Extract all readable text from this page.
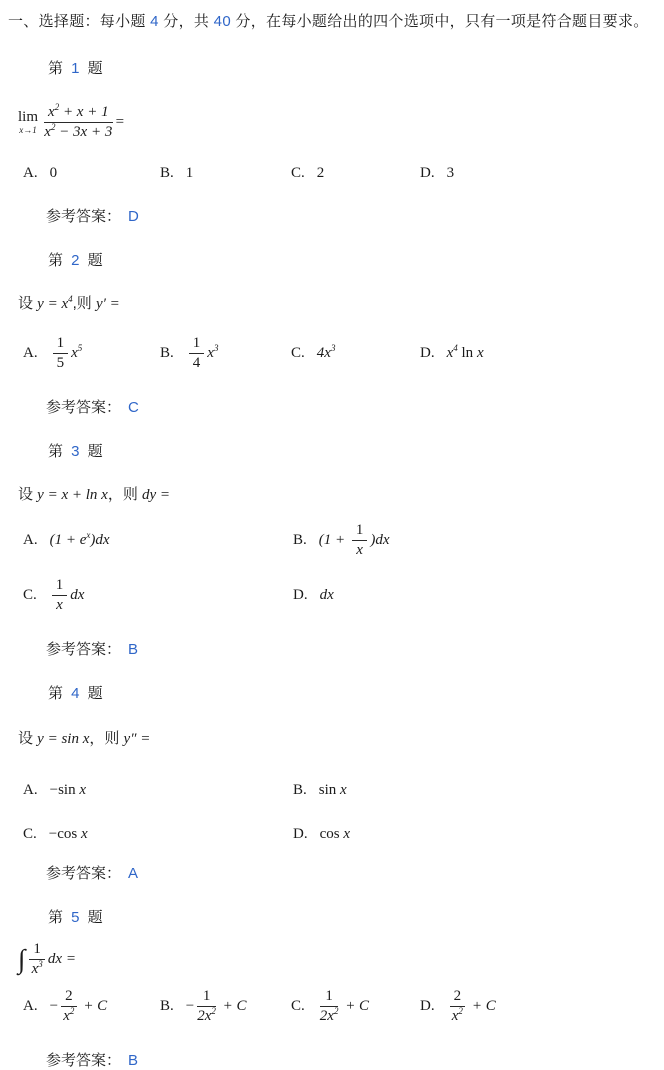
一、选择题：每小题 4 分，共 40 分，在每小题给出的四个选项中，只有一项是符合题目要求。

第 1 题

lim
$x\to 1 \frac{x^2 + x + 1}{x^2 - 3x + 3}$ =
A. 0	B. 1	C. 2	D. 3

参考答案： D

第 2 题

设 $y = x^4$,则 y′ =
A. $\frac{1}{5} x^5$	B. $\frac{1}{4} x^3$	C. $4x^3$	D. $x^4$ ln x

参考答案： C

第 3 题

设 y = x + ln x，则 dy =
A. $(1 + e^x)dx$	B. $(1 + \frac{1}{x} )dx$
C. $\frac{1}{x}$ dx	D. dx

参考答案： B

第 4 题

设 y = sin x，则 y″ =
A. −sin x	B. sin x
C. −cos x	D. cos x

参考答案： A

第 5 题

∫ $\frac{1}{x^3}$ dx =
A. − $\frac{2}{x^2} + C$	B. − $\frac{1}{2x^2} + C$	C. $\frac{1}{2x^2} + C$	D. $\frac{2}{x^2} + C$

参考答案： B
